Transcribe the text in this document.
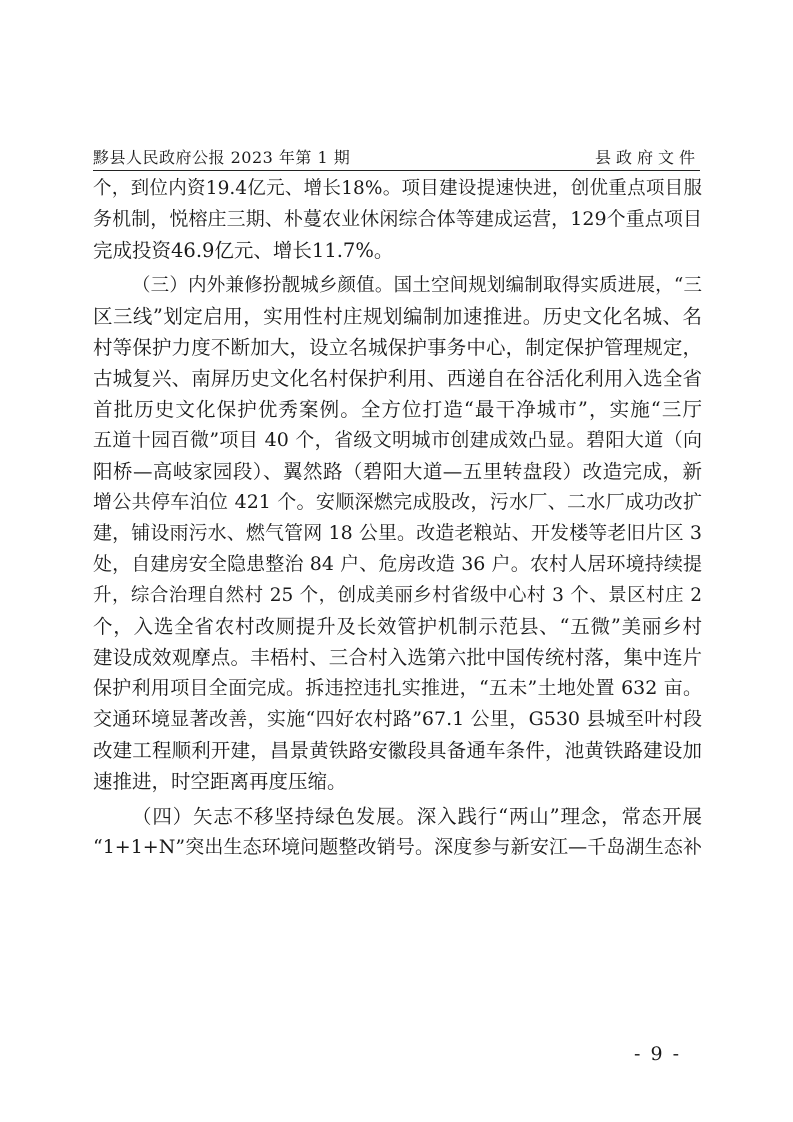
黟县人民政府公报 2023 年第 1 期	县政府文件
个，到位内资19.4亿元、增长18%。项目建设提速快进，创优重点项目服
务机制，悦榕庄三期、朴蔓农业休闲综合体等建成运营，129个重点项目
完成投资46.9亿元、增长11.7%。
（三）内外兼修扮靓城乡颜值。国土空间规划编制取得实质进展，“三
区三线”划定启用，实用性村庄规划编制加速推进。历史文化名城、名
村等保护力度不断加大，设立名城保护事务中心，制定保护管理规定，
古城复兴、南屏历史文化名村保护利用、西递自在谷活化利用入选全省
首批历史文化保护优秀案例。全方位打造“最干净城市”，实施“三厅
五道十园百微”项目 40 个，省级文明城市创建成效凸显。碧阳大道（向
阳桥—高岐家园段）、翼然路（碧阳大道—五里转盘段）改造完成，新
增公共停车泊位 421 个。安顺深燃完成股改，污水厂、二水厂成功改扩
建，铺设雨污水、燃气管网 18 公里。改造老粮站、开发楼等老旧片区 3
处，自建房安全隐患整治 84 户、危房改造 36 户。农村人居环境持续提
升，综合治理自然村 25 个，创成美丽乡村省级中心村 3 个、景区村庄 2
个，入选全省农村改厕提升及长效管护机制示范县、“五微”美丽乡村
建设成效观摩点。丰梧村、三合村入选第六批中国传统村落，集中连片
保护利用项目全面完成。拆违控违扎实推进，“五未”土地处置 632 亩。
交通环境显著改善，实施“四好农村路”67.1 公里，G530 县城至叶村段
改建工程顺利开建，昌景黄铁路安徽段具备通车条件，池黄铁路建设加
速推进，时空距离再度压缩。
（四）矢志不移坚持绿色发展。深入践行“两山”理念，常态开展
“1+1+N”突出生态环境问题整改销号。深度参与新安江—千岛湖生态补
- 9 -
